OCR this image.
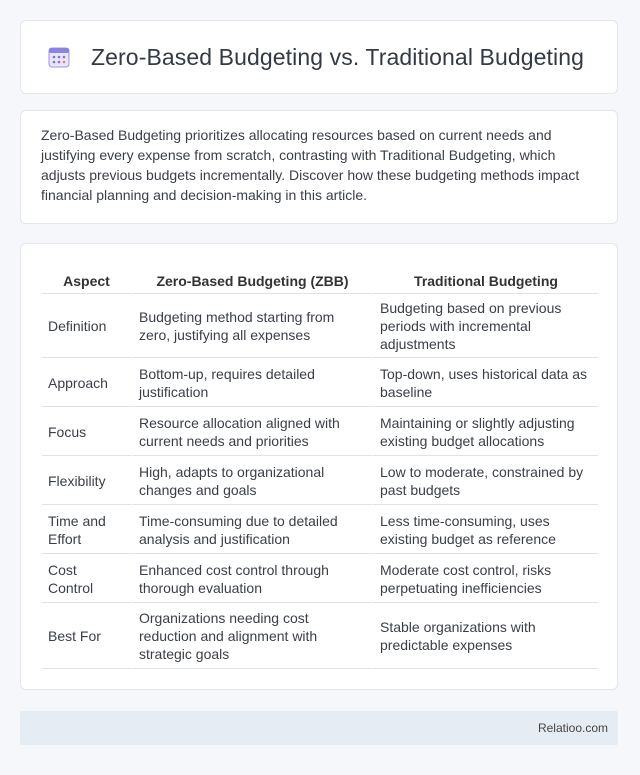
Zero-Based Budgeting vs. Traditional Budgeting

Zero-Based Budgeting prioritizes allocating resources based on current needs and justifying every expense from scratch, contrasting with Traditional Budgeting, which adjusts previous budgets incrementally. Discover how these budgeting methods impact financial planning and decision-making in this article.

Aspect	Zero-Based Budgeting (ZBB)	Traditional Budgeting
Definition	Budgeting method starting from zero, justifying all expenses	Budgeting based on previous periods with incremental adjustments
Approach	Bottom-up, requires detailed justification	Top-down, uses historical data as baseline
Focus	Resource allocation aligned with current needs and priorities	Maintaining or slightly adjusting existing budget allocations
Flexibility	High, adapts to organizational changes and goals	Low to moderate, constrained by past budgets
Time and Effort	Time-consuming due to detailed analysis and justification	Less time-consuming, uses existing budget as reference
Cost Control	Enhanced cost control through thorough evaluation	Moderate cost control, risks perpetuating inefficiencies
Best For	Organizations needing cost reduction and alignment with strategic goals	Stable organizations with predictable expenses
Relatioo.com
